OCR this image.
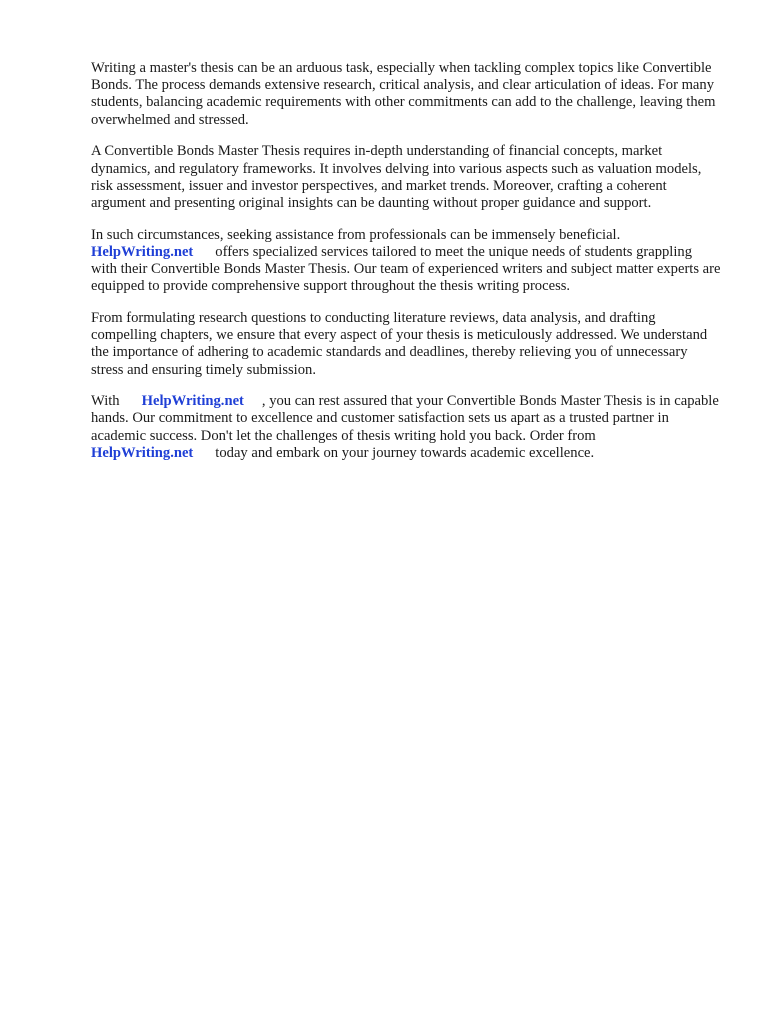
Writing a master's thesis can be an arduous task, especially when tackling complex topics like Convertible Bonds. The process demands extensive research, critical analysis, and clear articulation of ideas. For many students, balancing academic requirements with other commitments can add to the challenge, leaving them overwhelmed and stressed.

A Convertible Bonds Master Thesis requires in-depth understanding of financial concepts, market dynamics, and regulatory frameworks. It involves delving into various aspects such as valuation models, risk assessment, issuer and investor perspectives, and market trends. Moreover, crafting a coherent argument and presenting original insights can be daunting without proper guidance and support.

In such circumstances, seeking assistance from professionals can be immensely beneficial.
HelpWriting.net offers specialized services tailored to meet the unique needs of students grappling with their Convertible Bonds Master Thesis. Our team of experienced writers and subject matter experts are equipped to provide comprehensive support throughout the thesis writing process.

From formulating research questions to conducting literature reviews, data analysis, and drafting compelling chapters, we ensure that every aspect of your thesis is meticulously addressed. We understand the importance of adhering to academic standards and deadlines, thereby relieving you of unnecessary stress and ensuring timely submission.

With HelpWriting.net , you can rest assured that your Convertible Bonds Master Thesis is in capable hands. Our commitment to excellence and customer satisfaction sets us apart as a trusted partner in academic success. Don't let the challenges of thesis writing hold you back. Order from
HelpWriting.net today and embark on your journey towards academic excellence.
